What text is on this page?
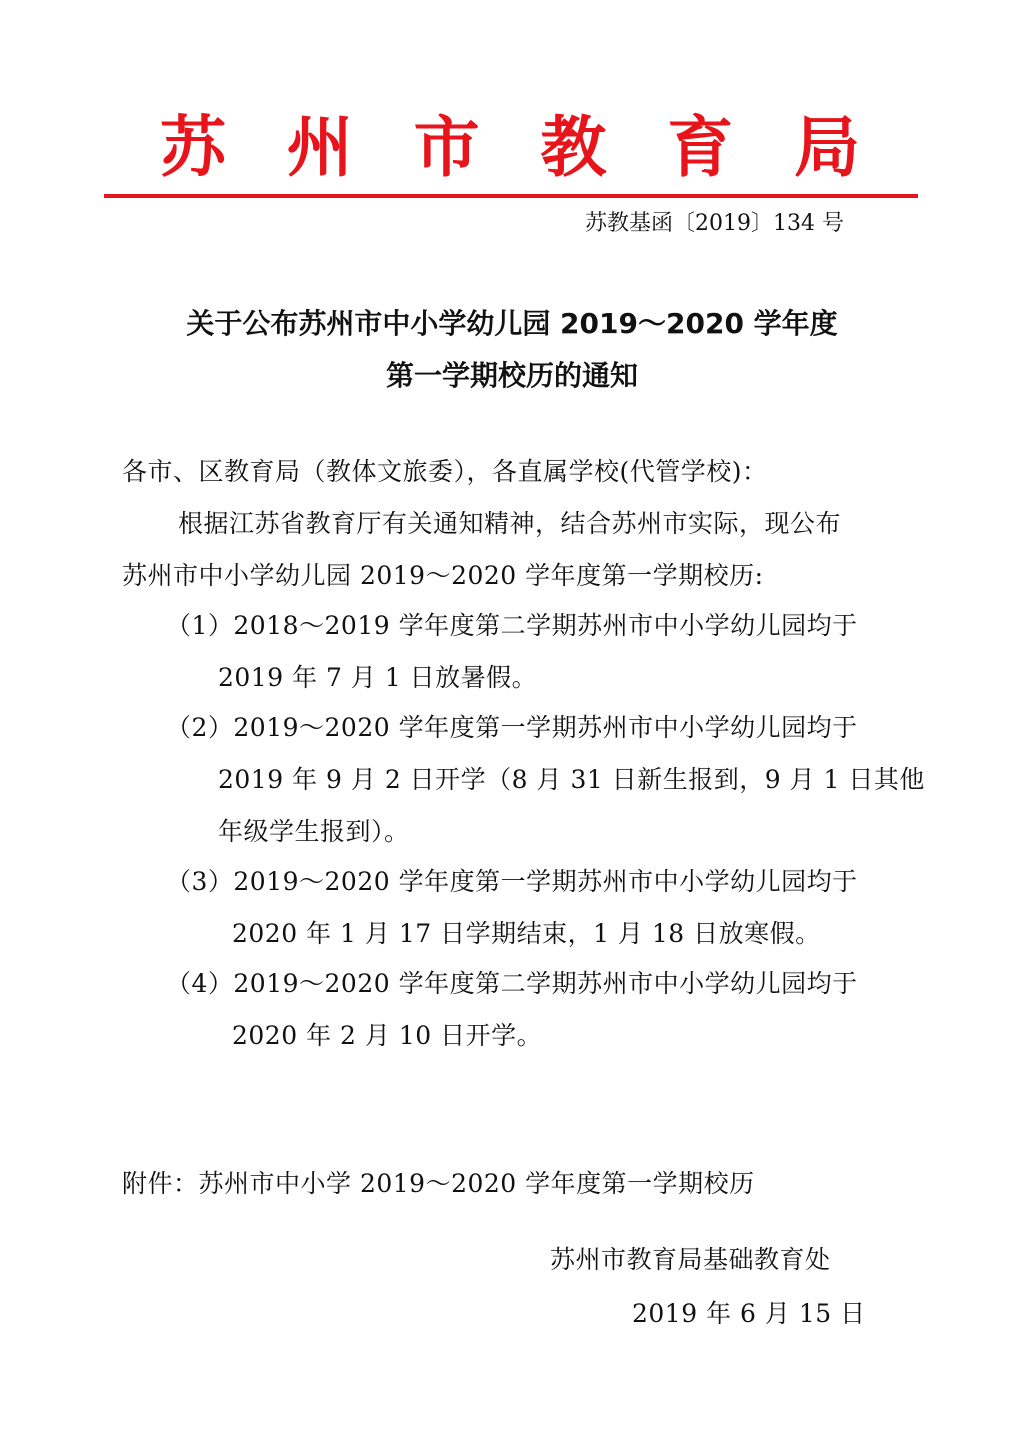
苏 州 市 教 育 局
苏教基函〔2019〕134 号
关于公布苏州市中小学幼儿园 2019～2020 学年度
第一学期校历的通知
各市、区教育局（教体文旅委），各直属学校(代管学校)：
根据江苏省教育厅有关通知精神，结合苏州市实际，现公布
苏州市中小学幼儿园 2019～2020 学年度第一学期校历:
（1）2018～2019 学年度第二学期苏州市中小学幼儿园均于
2019 年 7 月 1 日放暑假。
（2）2019～2020 学年度第一学期苏州市中小学幼儿园均于
2019 年 9 月 2 日开学（8 月 31 日新生报到，9 月 1 日其他
年级学生报到）。
（3）2019～2020 学年度第一学期苏州市中小学幼儿园均于
2020 年 1 月 17 日学期结束，1 月 18 日放寒假。
（4）2019～2020 学年度第二学期苏州市中小学幼儿园均于
2020 年 2 月 10 日开学。
附件：苏州市中小学 2019～2020 学年度第一学期校历
苏州市教育局基础教育处
2019 年 6 月 15 日
